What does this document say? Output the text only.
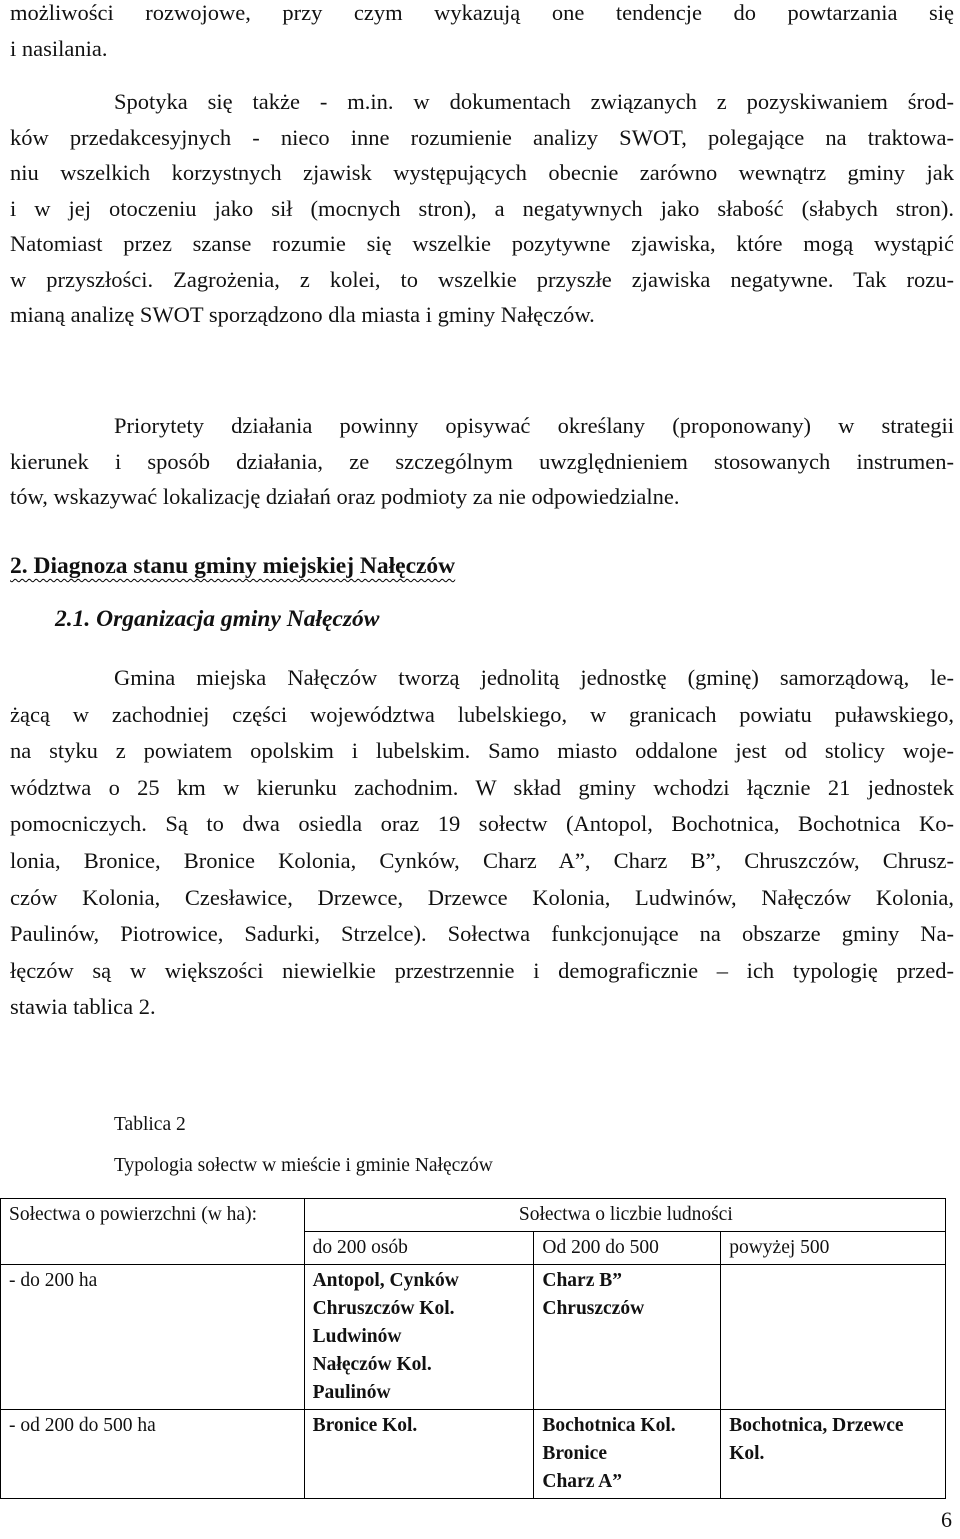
możliwości rozwojowe, przy czym wykazują one tendencje do powtarzania się
i nasilania.

Spotyka się także - m.in. w dokumentach związanych z pozyskiwaniem środ-
ków przedakcesyjnych - nieco inne rozumienie analizy SWOT, polegające na traktowa-
niu wszelkich korzystnych zjawisk występujących obecnie zarówno wewnątrz gminy jak
i w jej otoczeniu jako sił (mocnych stron), a negatywnych jako słabość (słabych stron).
Natomiast przez szanse rozumie się wszelkie pozytywne zjawiska, które mogą wystąpić
w przyszłości. Zagrożenia, z kolei, to wszelkie przyszłe zjawiska negatywne. Tak rozu-
mianą analizę SWOT sporządzono dla miasta i gminy Nałęczów.

Priorytety działania powinny opisywać określany (proponowany) w strategii
kierunek i sposób działania, ze szczególnym uwzględnieniem stosowanych instrumen-
tów, wskazywać lokalizację działań oraz podmioty za nie odpowiedzialne.

2. Diagnoza stanu gminy miejskiej Nałęczów
2.1. Organizacja gminy Nałęczów

Gmina miejska Nałęczów tworzą jednolitą jednostkę (gminę) samorządową, le-
żącą w zachodniej części województwa lubelskiego, w granicach powiatu puławskiego,
na styku z powiatem opolskim i lubelskim. Samo miasto oddalone jest od stolicy woje-
wództwa o 25 km w kierunku zachodnim. W skład gminy wchodzi łącznie 21 jednostek
pomocniczych. Są to dwa osiedla oraz 19 sołectw (Antopol, Bochotnica, Bochotnica Ko-
lonia, Bronice, Bronice Kolonia, Cynków, Charz A”, Charz B”, Chruszczów, Chrusz-
czów Kolonia, Czesławice, Drzewce, Drzewce Kolonia, Ludwinów, Nałęczów Kolonia,
Paulinów, Piotrowice, Sadurki, Strzelce). Sołectwa funkcjonujące na obszarze gminy Na-
łęczów są w większości niewielkie przestrzennie i demograficznie – ich typologię przed-
stawia tablica 2.

Tablica 2
Typologia sołectw w mieście i gminie Nałęczów
Sołectwa o powierzchni (w ha):	Sołectwa o liczbie ludności		
	do 200 osób	Od 200 do 500	powyżej 500
- do 200 ha	Antopol, Cynków
Chruszczów Kol.
Ludwinów
Nałęczów Kol.
Paulinów	Charz B”
Chruszczów	

- od 200 do 500 ha	Bronice Kol.	Bochotnica Kol.
Bronice
Charz A”	Bochotnica, Drzewce
Kol.
6
